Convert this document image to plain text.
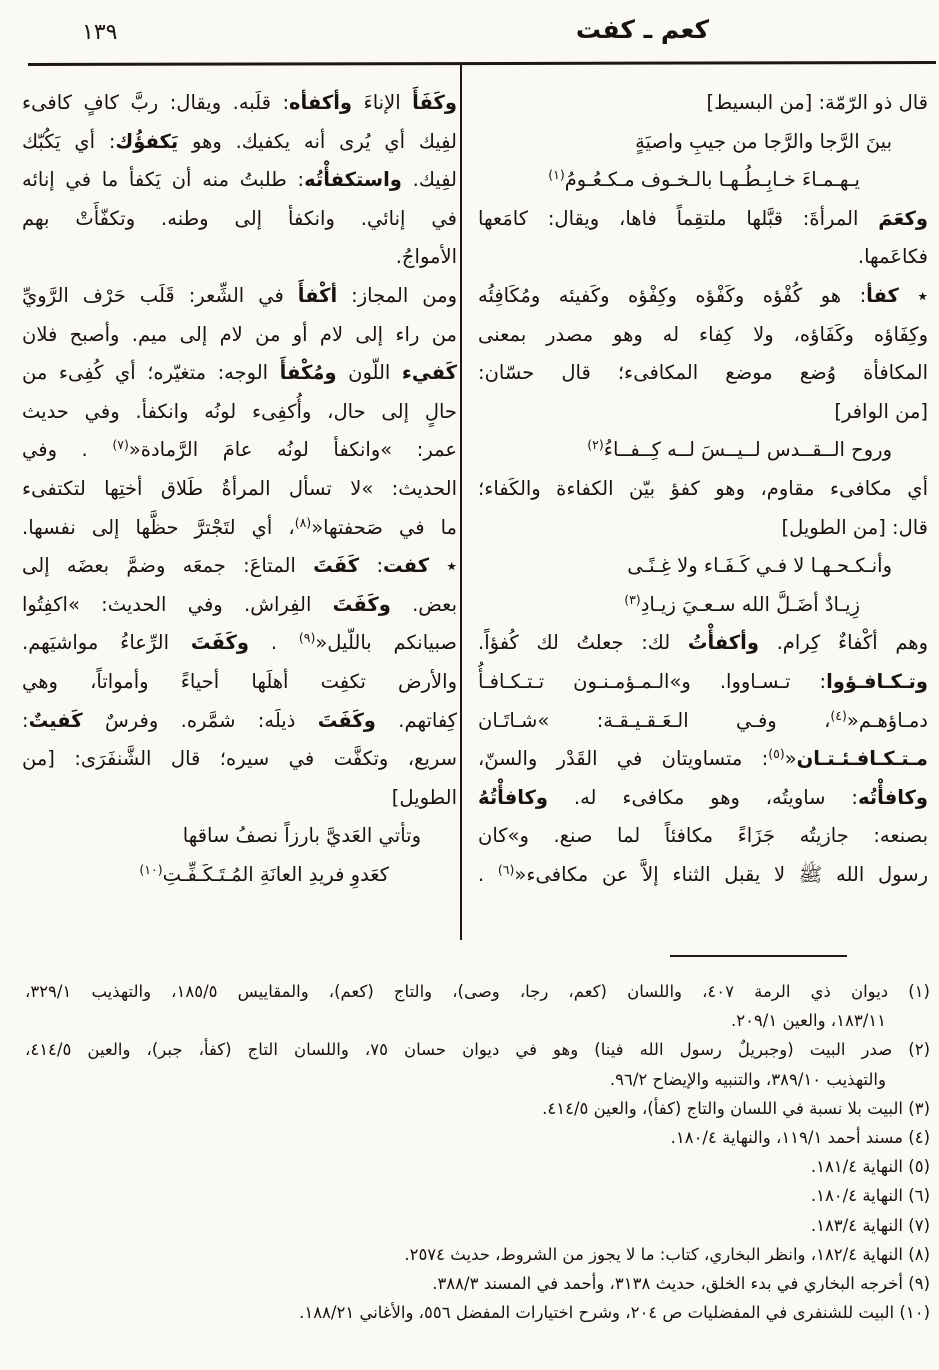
١٣٩	كعم ـ كفت
قال ذو الرّمّة: [من البسيط]
بينَ الرَّجا والرَّجا من جيبِ واصيَةٍ
يـهـمـاءَ خـابِـطُـهـا بالـخـوف مـكـعُـومُ$^{(١)}$
وكعَمَ المرأةَ: قبَّلها ملتقِماً فاها، ويقال: كامَعها
فكاعَمها.
٭ كفأ: هو كُفْؤه وكَفْؤه وكِفْؤه وكَفيئه ومُكَافِئُه
وكِفَاؤه وكَفَاؤه، ولا كِفاء له وهو مصدر بمعنى
المكافأة وُضع موضع المكافىء؛ قال حسّان:
[من الوافر]
وروح الــقــدس لــيــسَ لــه كِــفــاءُ$^{(٢)}$
أي مكافىء مقاوم، وهو كفؤ بيّن الكفاءة والكَفاء؛
قال: [من الطويل]
وأنـكـحـهـا لا فـي كَـفَـاء ولا غِـنًـى
زِيـادٌ أضَـلَّ الله سـعـيَ زيـادِ$^{(٣)}$
وهم أكْفاءٌ كِرام. وأكفأْتُ لك: جعلتُ لك كُفؤاً.
وتـكـافـؤوا: تـسـاووا. و»الـمـؤمـنـون تـتـكـافـأُ
دمـاؤهـم«$^{(٤)}$، وفـي الـعَـقـيـقـة: »شـاتَـان
مـتـكـافـئـتـان«$^{(٥)}$: متساويتان في القَدْر والسنّ،
وكافأْتُه: ساويتُه، وهو مكافىء له. وكافأْتُهُ
بصنعه: جازيتُه جَزَاءً مكافئاً لما صنع. و»كان
رسول الله ﷺ لا يقبل الثناء إلاَّ عن مكافىء«$^{(٦)}$ .
وكَفَأَ الإناءَ وأكفأه: قلَبه. ويقال: ربَّ كافٍ كافىء
لفِيك أي يُرى أنه يكفيك. وهو يَكفؤُك: أي يَكُبّك
لفِيك. واستكفأْتُه: طلبتُ منه أن يَكفأ ما في إنائه
في إنائي. وانكفأ إلى وطنه. وتكفّأَتْ بهم
الأمواجُ.
ومن المجاز: أكْفأَ في الشِّعر: قَلَب حَرْف الرَّويِّ
من راء إلى لام أو من لام إلى ميم. وأصبح فلان
كَفيء اللّون ومُكْفأَ الوجه: متغيّره؛ أي كُفِىء من
حالٍ إلى حال، وأُكفِىء لونُه وانكفأ. وفي حديث
عمر: »وانكفأ لونُه عامَ الرَّمادة«$^{(٧)}$ . وفي
الحديث: »لا تسأل المرأةُ طَلاق أختِها لتكتفىء
ما في صَحفتها«$^{(٨)}$، أي لتَجْترَّ حظَّها إلى نفسها.
٭ كفت: كَفَتَ المتاعَ: جمعَه وضمَّ بعضَه إلى
بعض. وكَفَتَ الفِراش. وفي الحديث: »اكفِتُوا
صبيانكم باللّيل«$^{(٩)}$ . وكَفَتَ الرِّعاءُ مواشيَهم.
والأرض تكفِت أهلَها أحياءً وأمواتاً، وهي
كِفاتهم. وكَفَتَ ذيلَه: شمَّره. وفرسٌ كَفيتٌ:
سريع، وتكفَّت في سيره؛ قال الشَّنفَرَى: [من
الطويل]
وتأتي العَديَّ بارزاً نصفُ ساقها
كعَدوِ فريدِ العانَةِ المُـتَـكَـفِّـتِ$^{(١٠)}$
(١) ديوان ذي الرمة ٤٠٧، واللسان (كعم، رجا، وصى)، والتاج (كعم)، والمقاييس ١٨٥/٥، والتهذيب ٣٢٩/١،
١٨٣/١١، والعين ٢٠٩/١.
(٢) صدر البيت (وجبريلٌ رسول الله فينا) وهو في ديوان حسان ٧٥، واللسان التاج (كفأ، جبر)، والعين ٤١٤/٥،
والتهذيب ٣٨٩/١٠، والتنبيه والإيضاح ٩٦/٢.
(٣) البيت بلا نسبة في اللسان والتاج (كفأ)، والعين ٤١٤/٥.
(٤) مسند أحمد ١١٩/١، والنهاية ١٨٠/٤.
(٥) النهاية ١٨١/٤.
(٦) النهاية ١٨٠/٤.
(٧) النهاية ١٨٣/٤.
(٨) النهاية ١٨٢/٤، وانظر البخاري، كتاب: ما لا يجوز من الشروط، حديث ٢٥٧٤.
(٩) أخرجه البخاري في بدء الخلق، حديث ٣١٣٨، وأحمد في المسند ٣٨٨/٣.
(١٠) البيت للشنفرى في المفضليات ص ٢٠٤، وشرح اختيارات المفضل ٥٥٦، والأغاني ١٨٨/٢١.
